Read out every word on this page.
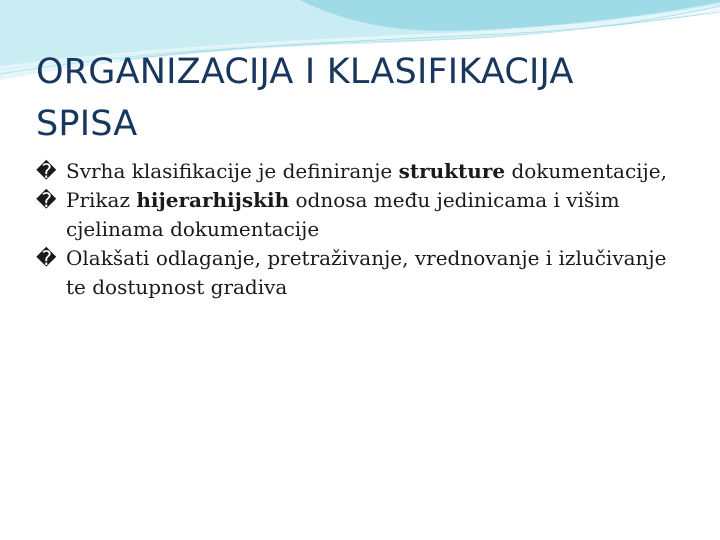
ORGANIZACIJA I KLASIFIKACIJA SPISA
� Svrha klasifikacije je definiranje strukture dokumentacije,
� Prikaz hijerarhijskih odnosa među jedinicama i višim cjelinama dokumentacije
� Olakšati odlaganje, pretraživanje, vrednovanje i izlučivanje te dostupnost gradiva
